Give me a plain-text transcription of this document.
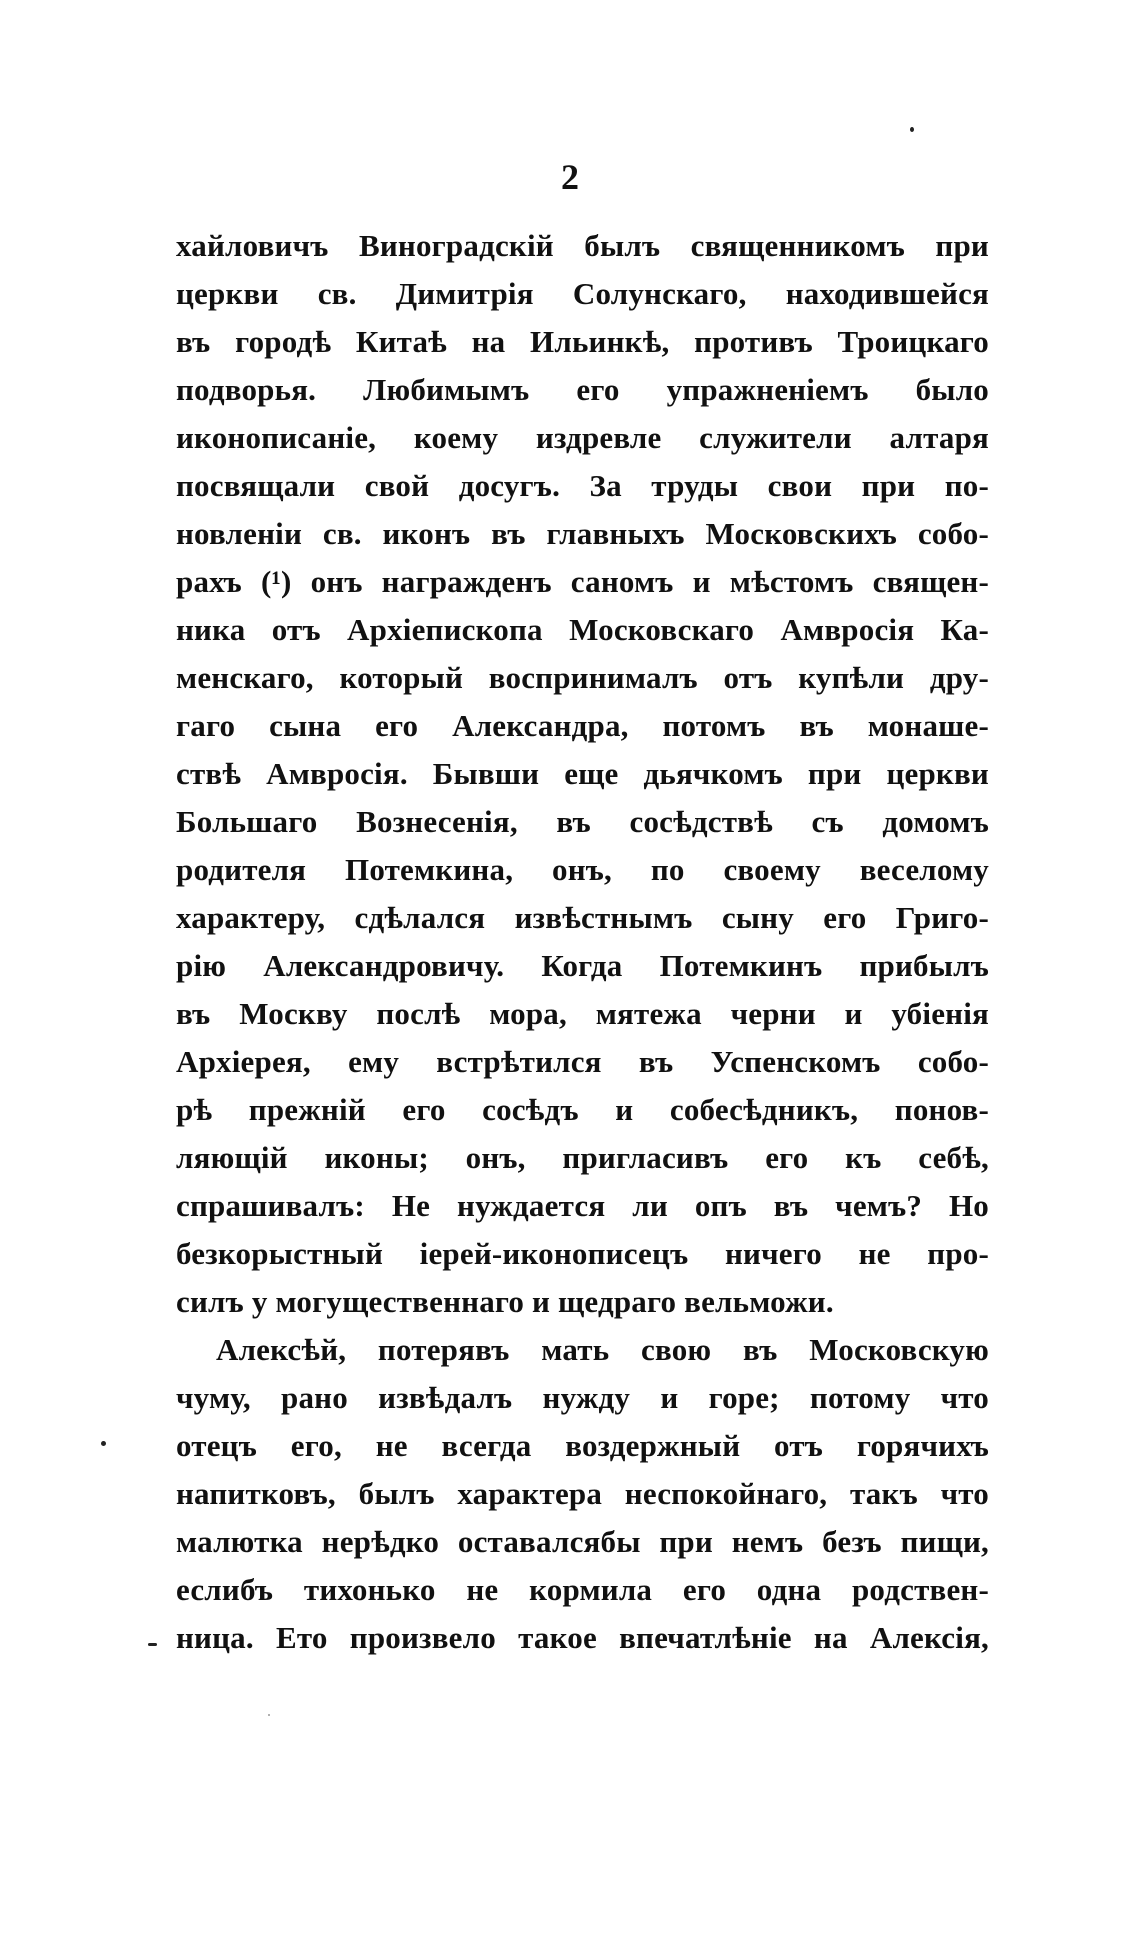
2
хайловичъ Виноградскій былъ священникомъ при
церкви св. Димитрія Солунскаго, находившейся
въ городѣ Китаѣ на Ильинкѣ, противъ Троицкаго
подворья. Любимымъ его упражненіемъ было
иконописаніе, коему издревле служители алтаря
посвящали свой досугъ. За труды свои при по-
новленіи св. иконъ въ главныхъ Московскихъ собо-
рахъ (¹) онъ награжденъ саномъ и мѣстомъ священ-
ника отъ Архіепископа Московскаго Амвросія Ка-
менскаго, который воспринималъ отъ купѣли дру-
гаго сына его Александра, потомъ въ монаше-
ствѣ Амвросія. Бывши еще дьячкомъ при церкви
Большаго Вознесенія, въ сосѣдствѣ съ домомъ
родителя Потемкина, онъ, по своему веселому
характеру, сдѣлался извѣстнымъ сыну его Григо-
рію Александровичу. Когда Потемкинъ прибылъ
въ Москву послѣ мора, мятежа черни и убіенія
Архіерея, ему встрѣтился въ Успенскомъ собо-
рѣ прежній его сосѣдъ и собесѣдникъ, понов-
ляющій иконы; онъ, пригласивъ его къ себѣ,
спрашивалъ: Не нуждается ли опъ въ чемъ? Но
безкорыстный іерей-иконописецъ ничего не про-
силъ у могущественнаго и щедраго вельможи.
Алексѣй, потерявъ мать свою въ Московскую
чуму, рано извѣдалъ нужду и горе; потому что
отецъ его, не всегда воздержный отъ горячихъ
напитковъ, былъ характера неспокойнаго, такъ что
малютка нерѣдко оставалсябы при немъ безъ пищи,
еслибъ тихонько не кормила его одна родствен-
ница. Ето произвело такое впечатлѣніе на Алексія,
